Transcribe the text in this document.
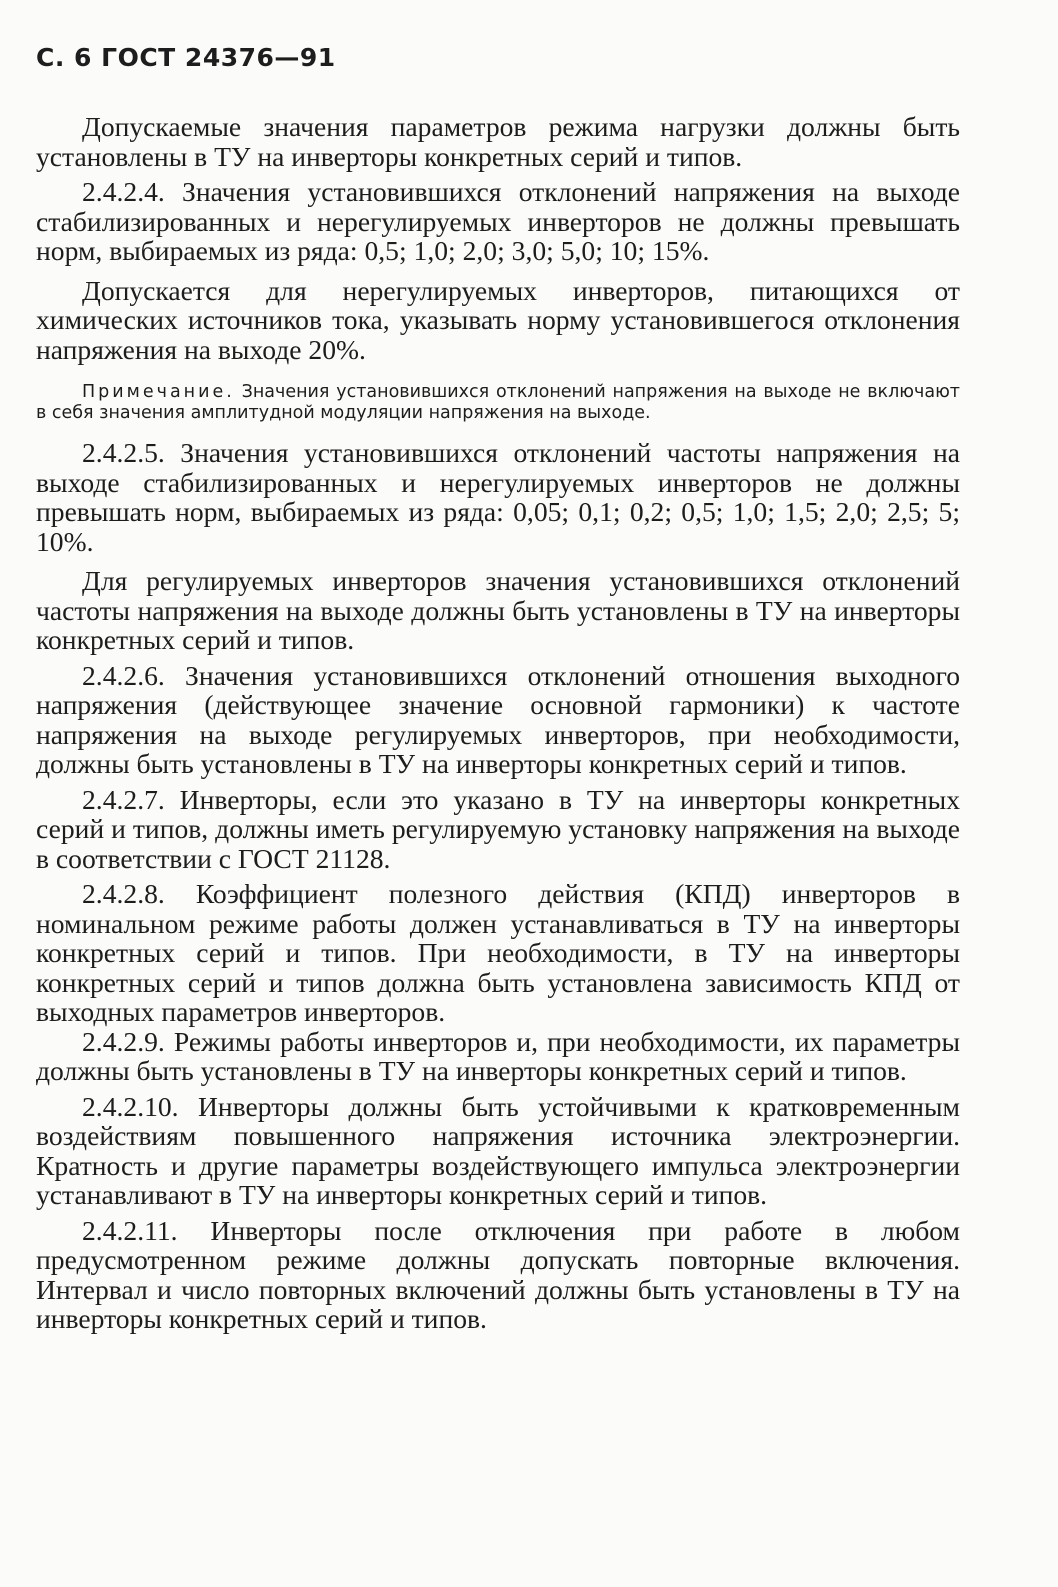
С. 6 ГОСТ 24376—91

Допускаемые значения параметров режима нагрузки должны быть установлены в ТУ на инверторы конкретных серий и типов.

2.4.2.4. Значения установившихся отклонений напряжения на выходе стабилизированных и нерегулируемых инверторов не должны превышать норм, выбираемых из ряда: 0,5; 1,0; 2,0; 3,0; 5,0; 10; 15%.

Допускается для нерегулируемых инверторов, питающихся от химических источников тока, указывать норму установившегося отклонения напряжения на выходе 20%.

Примечание. Значения установившихся отклонений напряжения на выходе не включают в себя значения амплитудной модуляции напряжения на выходе.

2.4.2.5. Значения установившихся отклонений частоты напряжения на выходе стабилизированных и нерегулируемых инверторов не должны превышать норм, выбираемых из ряда: 0,05; 0,1; 0,2; 0,5; 1,0; 1,5; 2,0; 2,5; 5; 10%.

Для регулируемых инверторов значения установившихся отклонений частоты напряжения на выходе должны быть установлены в ТУ на инверторы конкретных серий и типов.

2.4.2.6. Значения установившихся отклонений отношения выходного напряжения (действующее значение основной гармоники) к частоте напряжения на выходе регулируемых инверторов, при необходимости, должны быть установлены в ТУ на инверторы конкретных серий и типов.

2.4.2.7. Инверторы, если это указано в ТУ на инверторы конкретных серий и типов, должны иметь регулируемую установку напряжения на выходе в соответствии с ГОСТ 21128.

2.4.2.8. Коэффициент полезного действия (КПД) инверторов в номинальном режиме работы должен устанавливаться в ТУ на инверторы конкретных серий и типов. При необходимости, в ТУ на инверторы конкретных серий и типов должна быть установлена зависимость КПД от выходных параметров инверторов.

2.4.2.9. Режимы работы инверторов и, при необходимости, их параметры должны быть установлены в ТУ на инверторы конкретных серий и типов.

2.4.2.10. Инверторы должны быть устойчивыми к кратковременным воздействиям повышенного напряжения источника электроэнергии. Кратность и другие параметры воздействующего импульса электроэнергии устанавливают в ТУ на инверторы конкретных серий и типов.

2.4.2.11. Инверторы после отключения при работе в любом предусмотренном режиме должны допускать повторные включения. Интервал и число повторных включений должны быть установлены в ТУ на инверторы конкретных серий и типов.
